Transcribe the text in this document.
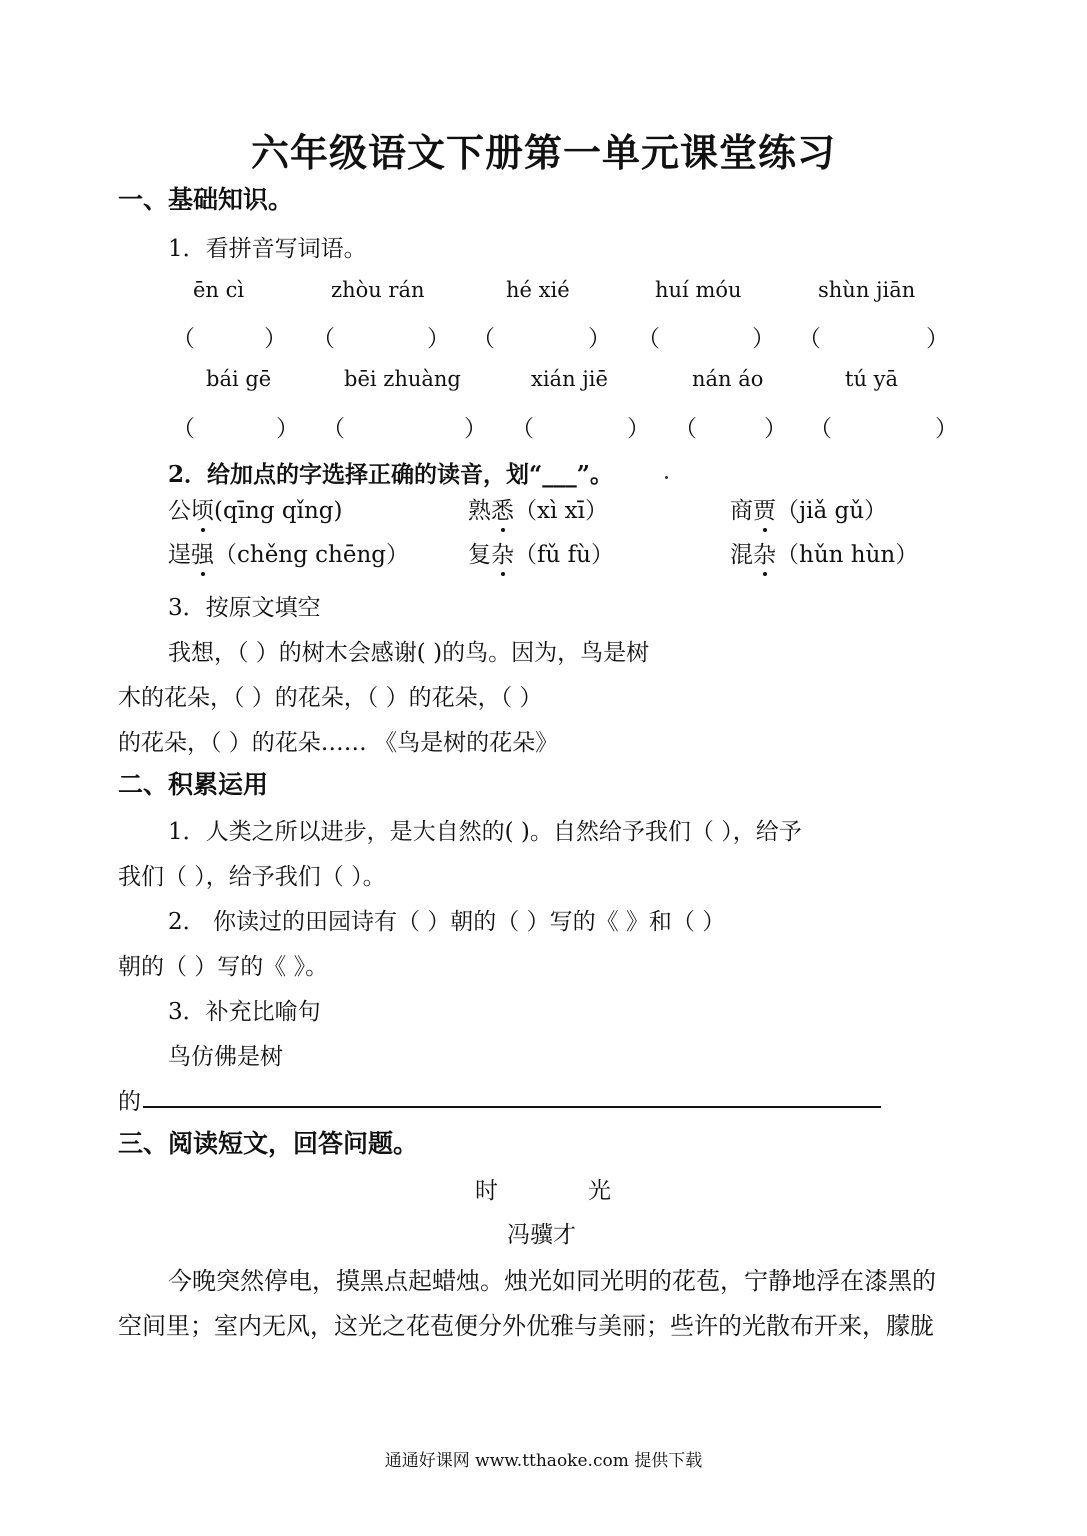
六年级语文下册第一单元课堂练习
一、基础知识。
1．看拼音写词语。
ēn cì	zhòu rán	hé xié	huí móu	shùn jiān
（	） （	） （	） （	） （	）
bái gē	bēi zhuàng	xián jiē	nán áo	tú yā
（	） （	） （	） （	） （	）
2．给加点的字选择正确的读音，划“___”。
公顷(qīng qǐng)	熟悉（xì xī）	商贾（jiǎ gǔ）
逞强（chěng chēng）	复杂（fǔ fù）	混杂（hǔn hùn）
3．按原文填空
我想，（ ）的树木会感谢( )的鸟。因为，鸟是树
木的花朵，（ ）的花朵，（ ）的花朵，（ ）
的花朵，（ ）的花朵…… 《鸟是树的花朵》
二、积累运用
1．人类之所以进步，是大自然的( )。自然给予我们（ ），给予
我们（ ），给予我们（ ）。
2． 你读过的田园诗有（ ）朝的（ ）写的《 》和（ ）
朝的（ ）写的《 》。
3．补充比喻句
鸟仿佛是树
的
三、阅读短文，回答问题。
时	光
冯骥才
今晚突然停电，摸黑点起蜡烛。烛光如同光明的花苞，宁静地浮在漆黑的
空间里；室内无风，这光之花苞便分外优雅与美丽；些许的光散布开来，朦胧
通通好课网 www.tthaoke.com 提供下载
